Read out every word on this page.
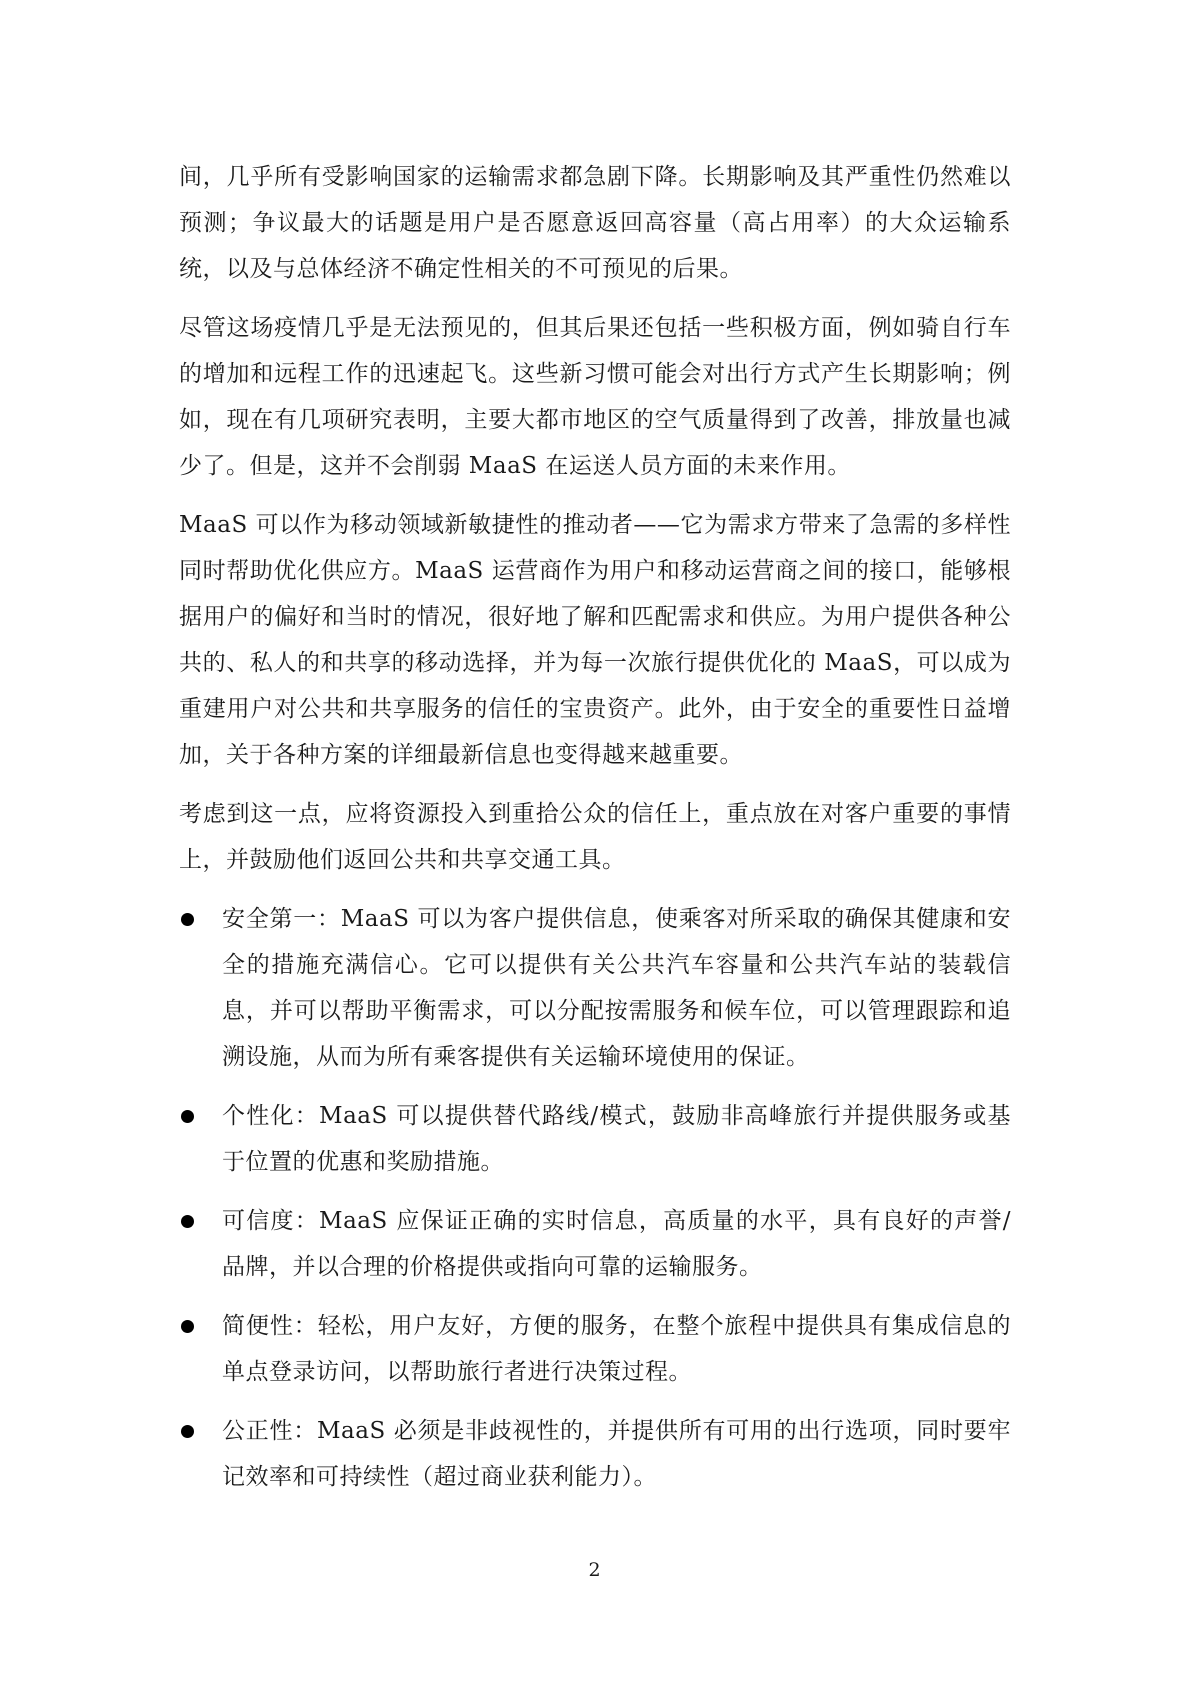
间，几乎所有受影响国家的运输需求都急剧下降。长期影响及其严重性仍然难以预测；争议最大的话题是用户是否愿意返回高容量（高占用率）的大众运输系统，以及与总体经济不确定性相关的不可预见的后果。

尽管这场疫情几乎是无法预见的，但其后果还包括一些积极方面，例如骑自行车的增加和远程工作的迅速起飞。这些新习惯可能会对出行方式产生长期影响；例如，现在有几项研究表明，主要大都市地区的空气质量得到了改善，排放量也减少了。但是，这并不会削弱 MaaS 在运送人员方面的未来作用。

MaaS 可以作为移动领域新敏捷性的推动者——它为需求方带来了急需的多样性同时帮助优化供应方。MaaS 运营商作为用户和移动运营商之间的接口，能够根据用户的偏好和当时的情况，很好地了解和匹配需求和供应。为用户提供各种公共的、私人的和共享的移动选择，并为每一次旅行提供优化的 MaaS，可以成为重建用户对公共和共享服务的信任的宝贵资产。此外，由于安全的重要性日益增加，关于各种方案的详细最新信息也变得越来越重要。

考虑到这一点，应将资源投入到重拾公众的信任上，重点放在对客户重要的事情上，并鼓励他们返回公共和共享交通工具。

安全第一：MaaS 可以为客户提供信息，使乘客对所采取的确保其健康和安全的措施充满信心。它可以提供有关公共汽车容量和公共汽车站的装载信息，并可以帮助平衡需求，可以分配按需服务和候车位，可以管理跟踪和追溯设施，从而为所有乘客提供有关运输环境使用的保证。
个性化：MaaS 可以提供替代路线/模式，鼓励非高峰旅行并提供服务或基于位置的优惠和奖励措施。
可信度：MaaS 应保证正确的实时信息，高质量的水平，具有良好的声誉/品牌，并以合理的价格提供或指向可靠的运输服务。
简便性：轻松，用户友好，方便的服务，在整个旅程中提供具有集成信息的单点登录访问，以帮助旅行者进行决策过程。
公正性：MaaS 必须是非歧视性的，并提供所有可用的出行选项，同时要牢记效率和可持续性（超过商业获利能力）。
2
